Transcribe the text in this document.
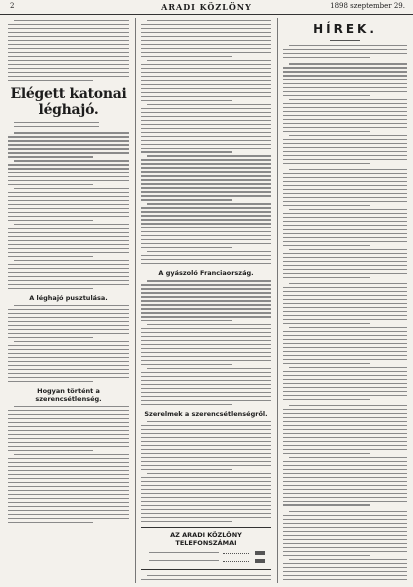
2	ARADI KÖZLÖNY	1898 szeptember 29.
Elégett katonai léghajó.
A léghajó pusztulása.
Hogyan történt a szerencsétlenség.
A gyászoló Franciaország.
Szerelmek a szerencsétlenségről.
AZ ARADI KÖZLÖNY TELEFONSZÁMAI
HÍREK.
